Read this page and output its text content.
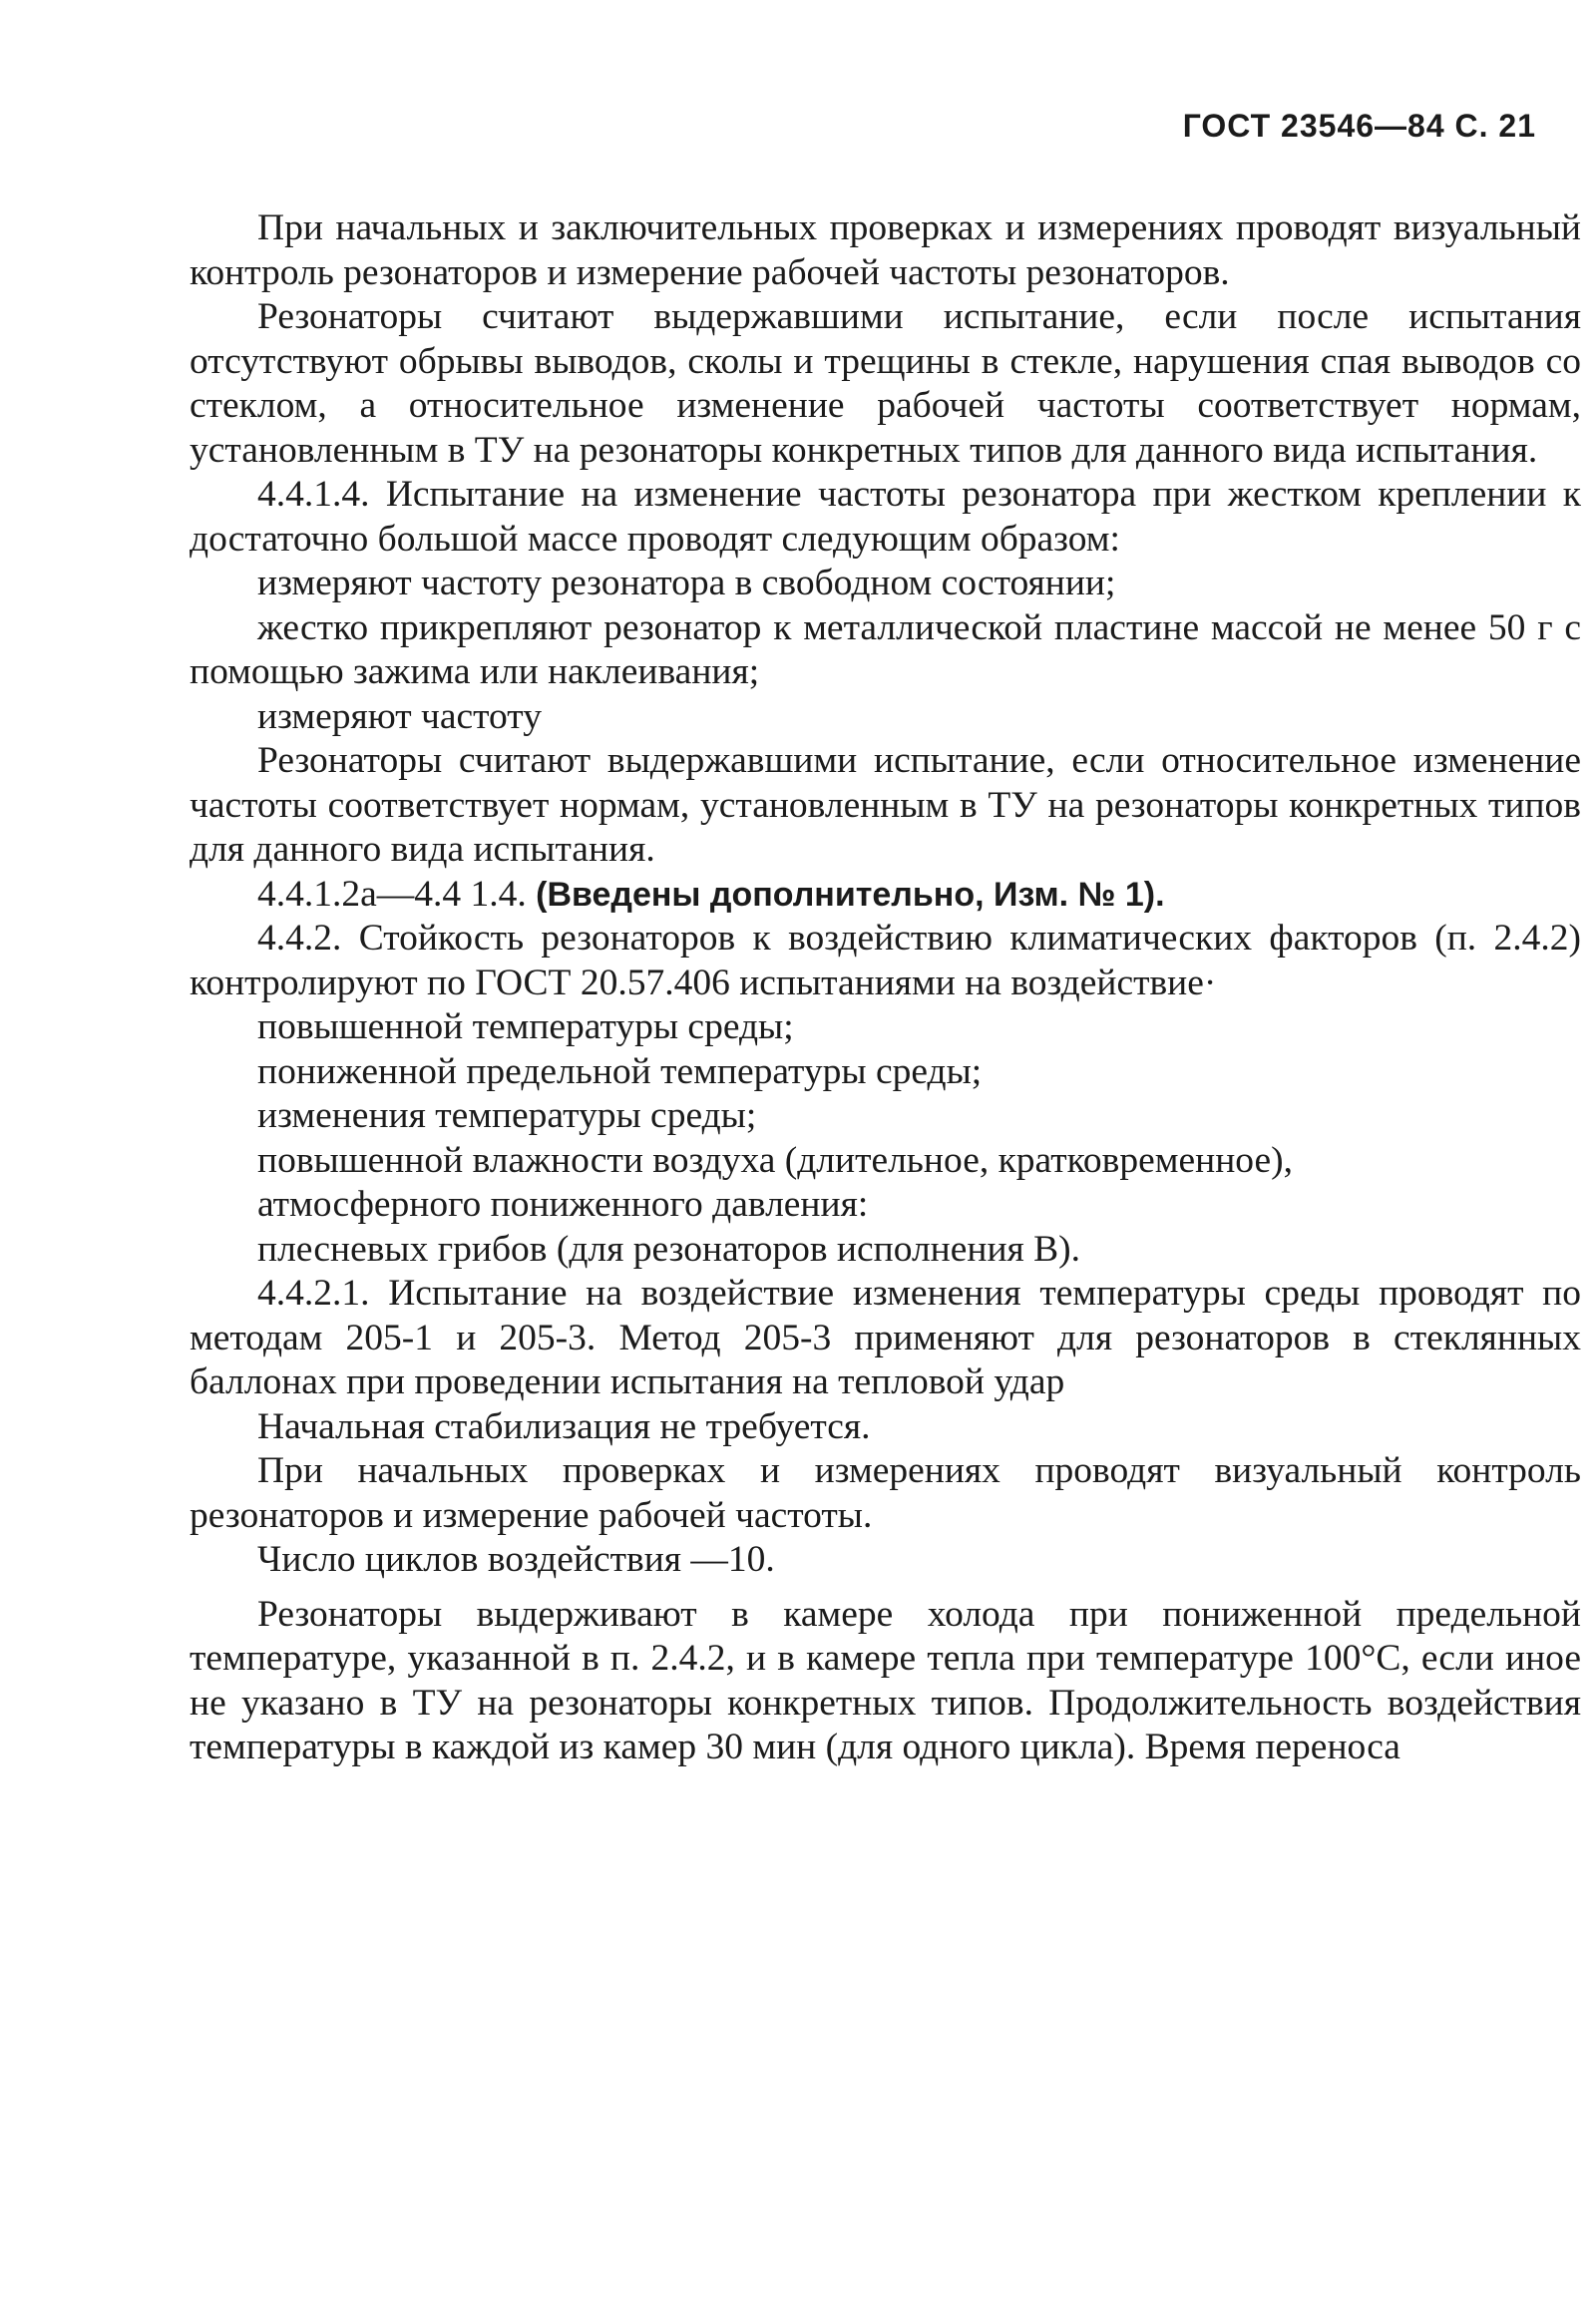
ГОСТ 23546—84 С. 21

При начальных и заключительных проверках и измерениях проводят визуальный контроль резонаторов и измерение рабочей частоты резонаторов.

Резонаторы считают выдержавшими испытание, если после испытания отсутствуют обрывы выводов, сколы и трещины в стекле, нарушения спая выводов со стеклом, а относительное изменение рабочей частоты соответствует нормам, установленным в ТУ на резонаторы конкретных типов для данного вида испытания.

4.4.1.4. Испытание на изменение частоты резонатора при жестком креплении к достаточно большой массе проводят следующим образом:

измеряют частоту резонатора в свободном состоянии;

жестко прикрепляют резонатор к металлической пластине массой не менее 50 г с помощью зажима или наклеивания;

измеряют частоту

Резонаторы считают выдержавшими испытание, если относительное изменение частоты соответствует нормам, установленным в ТУ на резонаторы конкретных типов для данного вида испытания.

4.4.1.2а—4.4 1.4. (Введены дополнительно, Изм. № 1).

4.4.2. Стойкость резонаторов к воздействию климатических факторов (п. 2.4.2) контролируют по ГОСТ 20.57.406 испытаниями на воздействие·

повышенной температуры среды;

пониженной предельной температуры среды;

изменения температуры среды;

повышенной влажности воздуха (длительное, кратковременное),

атмосферного пониженного давления:

плесневых грибов (для резонаторов исполнения В).

4.4.2.1. Испытание на воздействие изменения температуры среды проводят по методам 205-1 и 205-3. Метод 205-3 применяют для резонаторов в стеклянных баллонах при проведении испытания на тепловой удар

Начальная стабилизация не требуется.

При начальных проверках и измерениях проводят визуальный контроль резонаторов и измерение рабочей частоты.

Число циклов воздействия —10.

Резонаторы выдерживают в камере холода при пониженной предельной температуре, указанной в п. 2.4.2, и в камере тепла при температуре 100°С, если иное не указано в ТУ на резонаторы конкретных типов. Продолжительность воздействия температуры в каждой из камер 30 мин (для одного цикла). Время переноса
